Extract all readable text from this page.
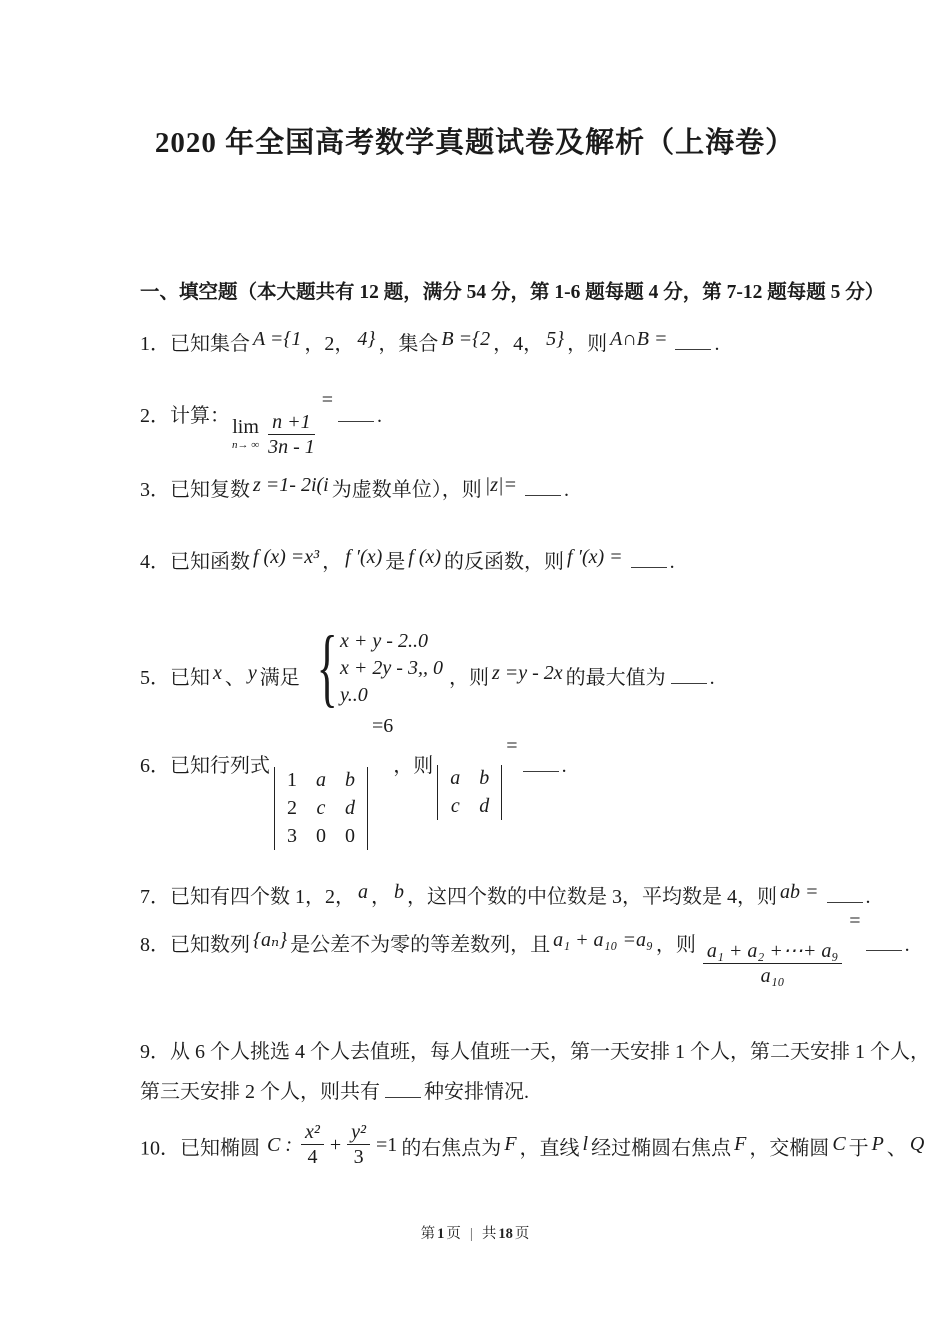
2020 年全国高考数学真题试卷及解析（上海卷）
一、填空题（本大题共有 12 题，满分 54 分，第 1-6 题每题 4 分，第 7-12 题每题 5 分）
1．已知集合 A ={1 ，2， 4} ，集合 B ={2 ，4， 5} ，则 A∩B = .
2．计算： lim
n→ ∞ $\frac{n +1}{3n - 1}$
=.
3．已知复数 z =1- 2i(i 为虚数单位），则 |z|= .
4．已知函数 f (x) =x³ ， f ′(x) 是 f (x) 的反函数，则 f ′(x) = .
5．已知 x 、 y 满足 { x + y - 2..0
x + 2y - 3,, 0
y..0
，则 z =y - 2x 的最大值为 .
6．已知行列式
1 a b
2 c d
3 0 0
=6，则
a b
c d
=.
7．已知有四个数 1，2， a ， b ，这四个数的中位数是 3，平均数是 4，则 ab = .
8．已知数列 {aₙ} 是公差不为零的等差数列，且 a₁ + a₁₀ =a₉ ，则 $\frac{\text{a₁ + a₂ +⋯+ a₉}}{\text{a₁₀}}$
=.
9．从 6 个人挑选 4 个人去值班，每人值班一天，第一天安排 1 个人，第二天安排 1 个人，
第三天安排 2 个人，则共有 种安排情况.
10．已知椭圆 C : $\frac{\text{x²}}{4} + \frac{\text{y²}}{3} =1$ 的右焦点为 F ，直线 l 经过椭圆右焦点 F ，交椭圆 C 于 P 、 Q
第 1 页 | 共 18 页
